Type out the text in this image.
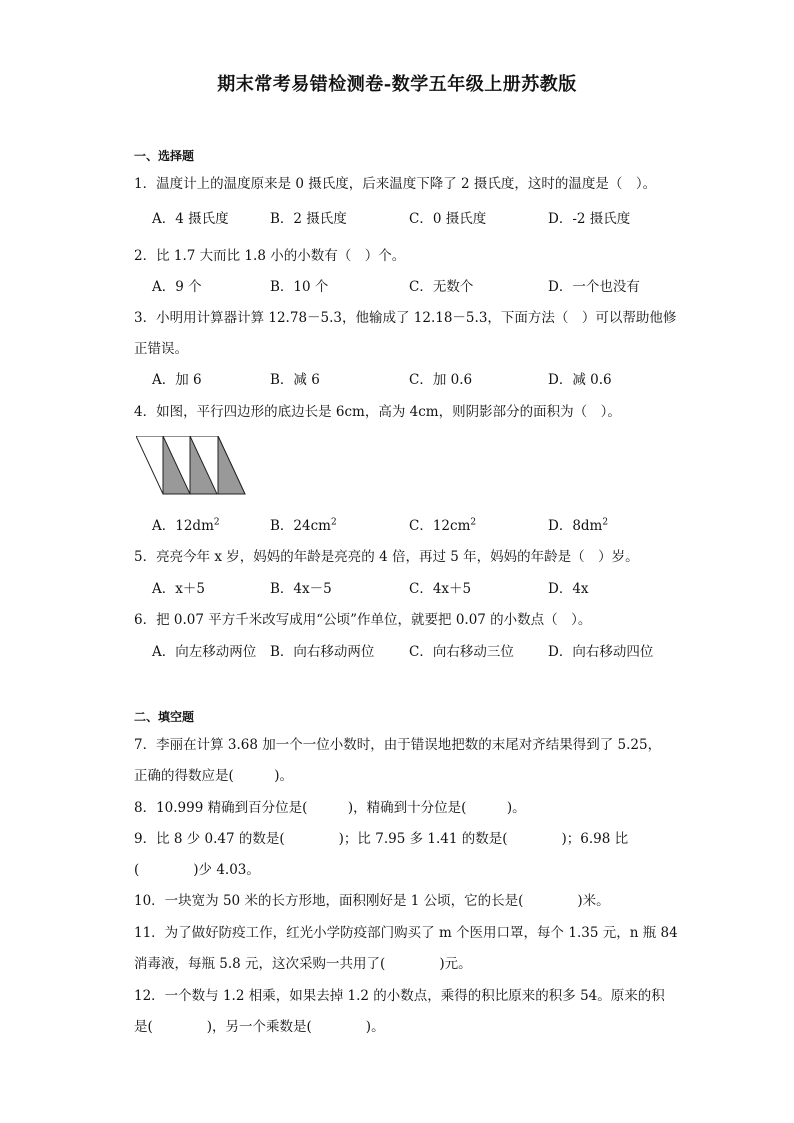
期末常考易错检测卷-数学五年级上册苏教版
一、选择题
1．温度计上的温度原来是 0 摄氏度，后来温度下降了 2 摄氏度，这时的温度是（　）。
A．4 摄氏度	B．2 摄氏度	C．0 摄氏度	D．-2 摄氏度
2．比 1.7 大而比 1.8 小的小数有（　）个。
A．9 个	B．10 个	C．无数个	D．一个也没有
3．小明用计算器计算 12.78－5.3，他输成了 12.18－5.3，下面方法（　）可以帮助他修
正错误。
A．加 6	B．减 6	C．加 0.6	D．减 0.6
4．如图，平行四边形的底边长是 6cm，高为 4cm，则阴影部分的面积为（　）。
A．$12dm^2$	B．$24cm^2$	C．$12cm^2$	D．$8dm^2$
5．亮亮今年 x 岁，妈妈的年龄是亮亮的 4 倍，再过 5 年，妈妈的年龄是（　）岁。
A．x＋5	B．4x－5	C．4x＋5	D．4x
6．把 0.07 平方千米改写成用“公顷”作单位，就要把 0.07 的小数点（　）。
A．向左移动两位 B．向右移动两位	C．向右移动三位	D．向右移动四位
二、填空题
7．李丽在计算 3.68 加一个一位小数时，由于错误地把数的末尾对齐结果得到了 5.25，
正确的得数应是(　　　)。
8．10.999 精确到百分位是(　　　)，精确到十分位是(　　　)。
9．比 8 少 0.47 的数是(　　　　)；比 7.95 多 1.41 的数是(　　　　)；6.98 比
(　　　　)少 4.03。
10．一块宽为 50 米的长方形地，面积刚好是 1 公顷，它的长是(　　　　)米。
11．为了做好防疫工作，红光小学防疫部门购买了 m 个医用口罩，每个 1.35 元，n 瓶 84
消毒液，每瓶 5.8 元，这次采购一共用了(　　　　)元。
12．一个数与 1.2 相乘，如果去掉 1.2 的小数点，乘得的积比原来的积多 54。原来的积
是(　　　　)，另一个乘数是(　　　　)。
